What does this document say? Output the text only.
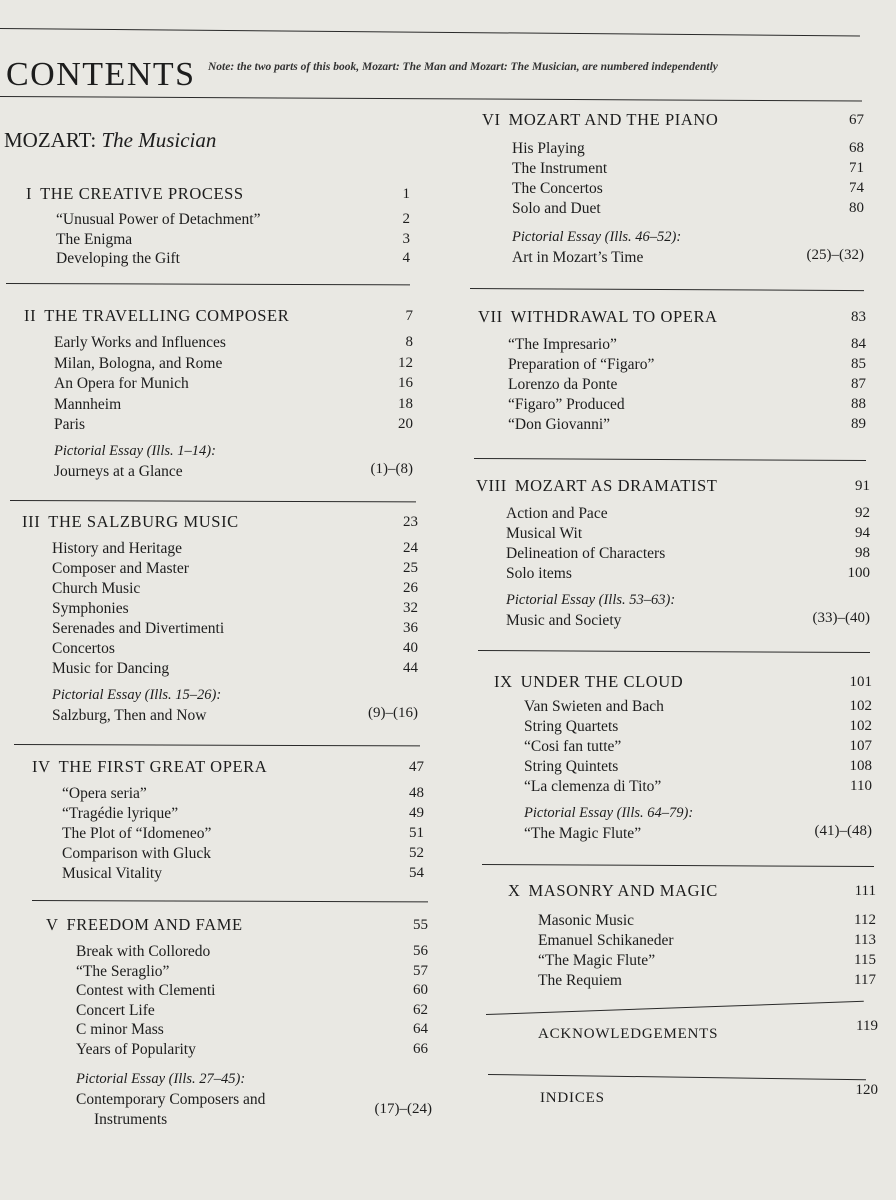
CONTENTS Note: the two parts of this book, Mozart: The Man and Mozart: The Musician, are numbered independently
MOZART: The Musician
I THE CREATIVE PROCESS	1
“Unusual Power of Detachment”	2
The Enigma	3
Developing the Gift	4
II THE TRAVELLING COMPOSER	7
Early Works and Influences	8
Milan, Bologna, and Rome	12
An Opera for Munich	16
Mannheim	18
Paris	20
Pictorial Essay (Ills. 1–14):
Journeys at a Glance	(1)–(8)
III THE SALZBURG MUSIC	23
History and Heritage	24
Composer and Master	25
Church Music	26
Symphonies	32
Serenades and Divertimenti	36
Concertos	40
Music for Dancing	44
Pictorial Essay (Ills. 15–26):
Salzburg, Then and Now	(9)–(16)
IV THE FIRST GREAT OPERA	47
“Opera seria”	48
“Tragédie lyrique”	49
The Plot of “Idomeneo”	51
Comparison with Gluck	52
Musical Vitality	54
V FREEDOM AND FAME	55
Break with Colloredo	56
“The Seraglio”	57
Contest with Clementi	60
Concert Life	62
C minor Mass	64
Years of Popularity	66
Pictorial Essay (Ills. 27–45):
Contemporary Composers and
Instruments
(17)–(24)
VI MOZART AND THE PIANO	67
His Playing	68
The Instrument	71
The Concertos	74
Solo and Duet	80
Pictorial Essay (Ills. 46–52):
Art in Mozart’s Time	(25)–(32)
VII WITHDRAWAL TO OPERA	83
“The Impresario”	84
Preparation of “Figaro”	85
Lorenzo da Ponte	87
“Figaro” Produced	88
“Don Giovanni”	89
VIII MOZART AS DRAMATIST	91
Action and Pace	92
Musical Wit	94
Delineation of Characters	98
Solo items	100
Pictorial Essay (Ills. 53–63):
Music and Society	(33)–(40)
IX UNDER THE CLOUD	101
Van Swieten and Bach	102
String Quartets	102
“Cosi fan tutte”	107
String Quintets	108
“La clemenza di Tito”	110
Pictorial Essay (Ills. 64–79):
“The Magic Flute”	(41)–(48)
X MASONRY AND MAGIC	111
Masonic Music	112
Emanuel Schikaneder	113
“The Magic Flute”	115
The Requiem	117
ACKNOWLEDGEMENTS	119
INDICES	120
